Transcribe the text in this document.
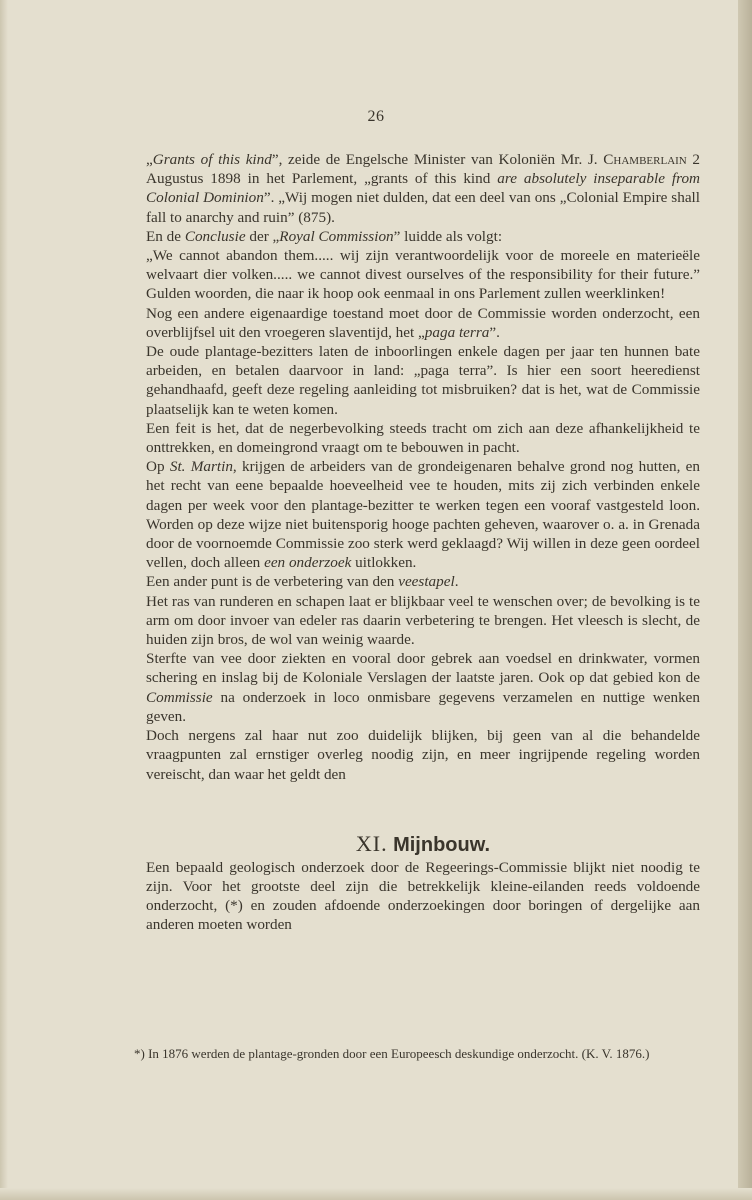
26

„Grants of this kind”, zeide de Engelsche Minister van Koloniën Mr. J. Chamberlain 2 Augustus 1898 in het Parlement, „grants of this kind are absolutely inseparable from Colonial Dominion”. „Wij mogen niet dulden, dat een deel van ons „Colonial Empire shall fall to anarchy and ruin” (875).

En de Conclusie der „Royal Commission” luidde als volgt:

„We cannot abandon them..... wij zijn verantwoordelijk voor de moreele en materieële welvaart dier volken..... we cannot divest ourselves of the responsibility for their future.” Gulden woorden, die naar ik hoop ook eenmaal in ons Parlement zullen weerklinken!

Nog een andere eigenaardige toestand moet door de Commissie worden onderzocht, een overblijfsel uit den vroegeren slaventijd, het „paga terra”.

De oude plantage-bezitters laten de inboorlingen enkele dagen per jaar ten hunnen bate arbeiden, en betalen daarvoor in land: „paga terra”. Is hier een soort heeredienst gehandhaafd, geeft deze regeling aanleiding tot misbruiken? dat is het, wat de Commissie plaatselijk kan te weten komen.

Een feit is het, dat de negerbevolking steeds tracht om zich aan deze afhankelijkheid te onttrekken, en domeingrond vraagt om te bebouwen in pacht.

Op St. Martin, krijgen de arbeiders van de grondeigenaren behalve grond nog hutten, en het recht van eene bepaalde hoeveelheid vee te houden, mits zij zich verbinden enkele dagen per week voor den plantage-bezitter te werken tegen een vooraf vastgesteld loon. Worden op deze wijze niet buitensporig hooge pachten geheven, waarover o. a. in Grenada door de voornoemde Commissie zoo sterk werd geklaagd? Wij willen in deze geen oordeel vellen, doch alleen een onderzoek uitlokken.

Een ander punt is de verbetering van den veestapel.

Het ras van runderen en schapen laat er blijkbaar veel te wenschen over; de bevolking is te arm om door invoer van edeler ras daarin verbetering te brengen. Het vleesch is slecht, de huiden zijn bros, de wol van weinig waarde.

Sterfte van vee door ziekten en vooral door gebrek aan voedsel en drinkwater, vormen schering en inslag bij de Koloniale Verslagen der laatste jaren. Ook op dat gebied kon de Commissie na onderzoek in loco onmisbare gegevens verzamelen en nuttige wenken geven.

Doch nergens zal haar nut zoo duidelijk blijken, bij geen van al die behandelde vraagpunten zal ernstiger overleg noodig zijn, en meer ingrijpende regeling worden vereischt, dan waar het geldt den

XI. Mijnbouw.

Een bepaald geologisch onderzoek door de Regeerings-Commissie blijkt niet noodig te zijn. Voor het grootste deel zijn die betrekkelijk kleine-eilanden reeds voldoende onderzocht, (*) en zouden afdoende onderzoekingen door boringen of dergelijke aan anderen moeten worden

*) In 1876 werden de plantage-gronden door een Europeesch deskundige onderzocht. (K. V. 1876.)
